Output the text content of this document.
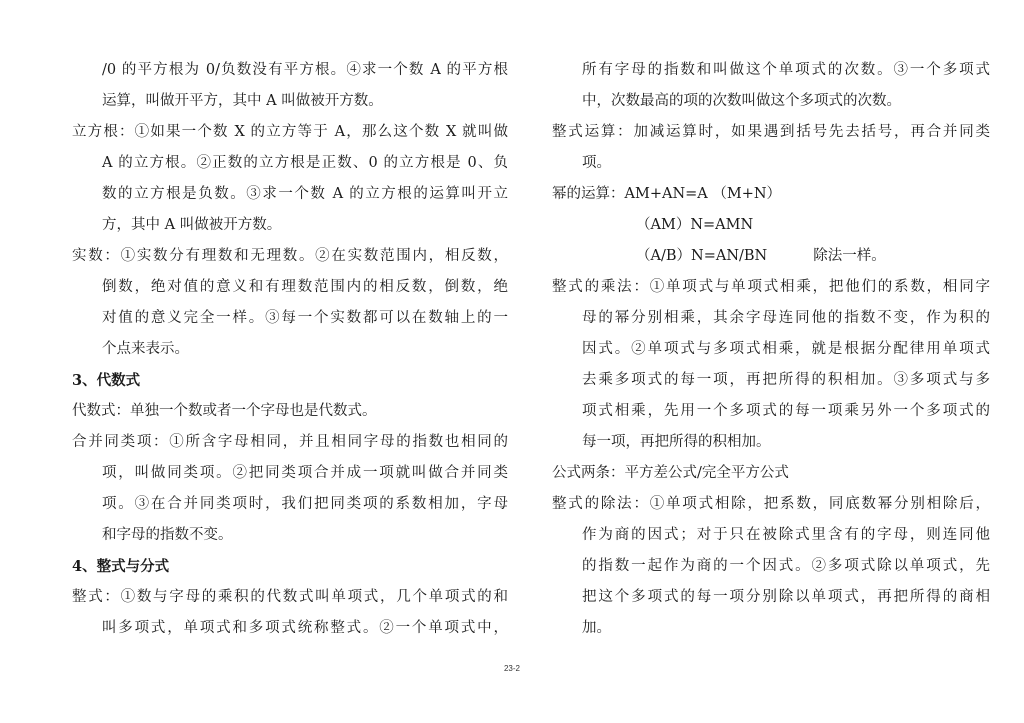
/0 的平方根为 0/负数没有平方根。④求一个数 A 的平方根
运算，叫做开平方，其中 A 叫做被开方数。
立方根：①如果一个数 X 的立方等于 A，那么这个数 X 就叫做
A 的立方根。②正数的立方根是正数、0 的立方根是 0、负
数的立方根是负数。③求一个数 A 的立方根的运算叫开立
方，其中 A 叫做被开方数。
实数：①实数分有理数和无理数。②在实数范围内，相反数，
倒数，绝对值的意义和有理数范围内的相反数，倒数，绝
对值的意义完全一样。③每一个实数都可以在数轴上的一
个点来表示。
3、代数式
代数式：单独一个数或者一个字母也是代数式。
合并同类项：①所含字母相同，并且相同字母的指数也相同的
项，叫做同类项。②把同类项合并成一项就叫做合并同类
项。③在合并同类项时，我们把同类项的系数相加，字母
和字母的指数不变。
4、整式与分式
整式：①数与字母的乘积的代数式叫单项式，几个单项式的和
叫多项式，单项式和多项式统称整式。②一个单项式中，
所有字母的指数和叫做这个单项式的次数。③一个多项式
中，次数最高的项的次数叫做这个多项式的次数。
整式运算：加减运算时，如果遇到括号先去括号，再合并同类
项。
幂的运算：AM+AN=A （M+N）
（AM）N=AMN
（A/B）N=AN/BN	除法一样。
整式的乘法：①单项式与单项式相乘，把他们的系数，相同字
母的幂分别相乘，其余字母连同他的指数不变，作为积的
因式。②单项式与多项式相乘，就是根据分配律用单项式
去乘多项式的每一项，再把所得的积相加。③多项式与多
项式相乘，先用一个多项式的每一项乘另外一个多项式的
每一项，再把所得的积相加。
公式两条：平方差公式/完全平方公式
整式的除法：①单项式相除，把系数，同底数幂分别相除后，
作为商的因式；对于只在被除式里含有的字母，则连同他
的指数一起作为商的一个因式。②多项式除以单项式，先
把这个多项式的每一项分别除以单项式，再把所得的商相
加。
23-2
